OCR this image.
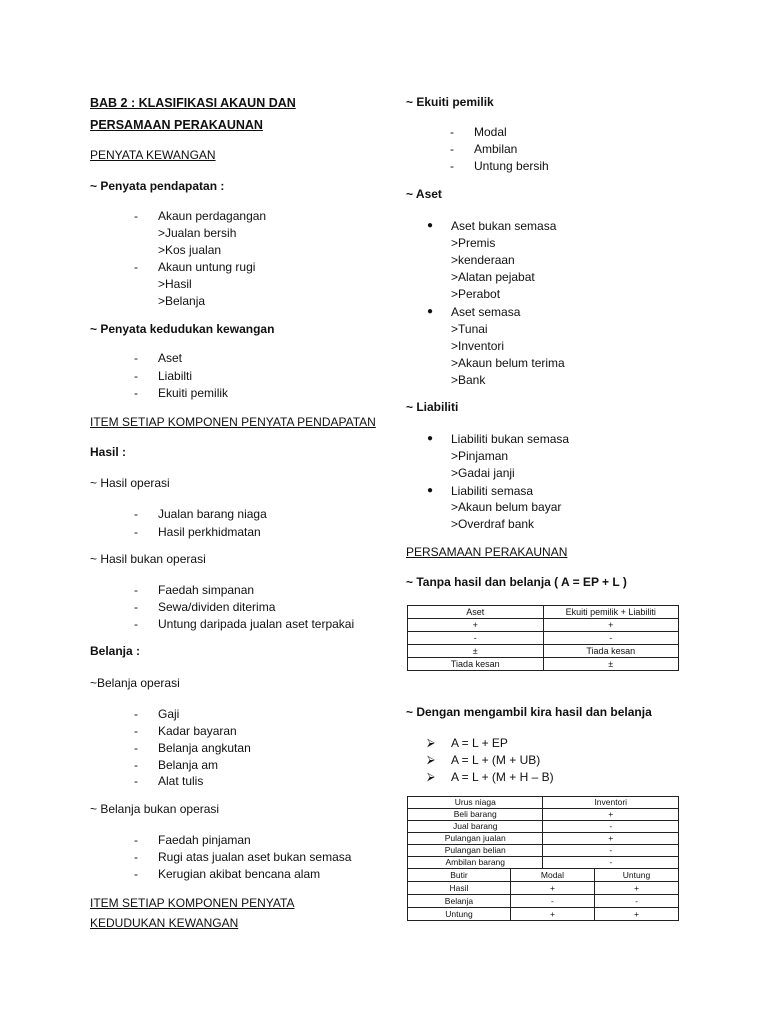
BAB 2 : KLASIFIKASI AKAUN DAN PERSAMAAN PERAKAUNAN
PENYATA KEWANGAN
~ Penyata pendapatan :
-	Akaun perdagangan
>Jualan bersih
>Kos jualan
-	Akaun untung rugi
>Hasil
>Belanja
~ Penyata kedudukan kewangan
-	Aset
-	Liabilti
-	Ekuiti pemilik
ITEM SETIAP KOMPONEN PENYATA PENDAPATAN
Hasil :
~ Hasil operasi
-	Jualan barang niaga
-	Hasil perkhidmatan
~ Hasil bukan operasi
-	Faedah simpanan
-	Sewa/dividen diterima
-	Untung daripada jualan aset terpakai
Belanja :
~Belanja operasi
-	Gaji
-	Kadar bayaran
-	Belanja angkutan
-	Belanja am
-	Alat tulis
~ Belanja bukan operasi
-	Faedah pinjaman
-	Rugi atas jualan aset bukan semasa
-	Kerugian akibat bencana alam
ITEM SETIAP KOMPONEN PENYATA KEDUDUKAN KEWANGAN
~ Ekuiti pemilik
-	Modal
-	Ambilan
-	Untung bersih
~ Aset
● Aset bukan semasa
>Premis
>kenderaan
>Alatan pejabat
>Perabot
● Aset semasa
>Tunai
>Inventori
>Akaun belum terima
>Bank
~ Liabiliti
● Liabiliti bukan semasa
>Pinjaman
>Gadai janji
● Liabiliti semasa
>Akaun belum bayar
>Overdraf bank
PERSAMAAN PERAKAUNAN
~ Tanpa hasil dan belanja ( A = EP + L )
Aset	Ekuiti pemilik + Liabiliti
+	+
-	-
±	Tiada kesan
Tiada kesan	±
~ Dengan mengambil kira hasil dan belanja
⮚ A = L + EP
⮚ A = L + (M + UB)
⮚ A = L + (M + H – B)
Urus niaga		Inventori	
Beli barang		+	
Jual barang		-	
Pulangan jualan		+	
Pulangan belian		-	
Ambilan barang		-	
Butir	Modal		Untung
Hasil	+		+
Belanja	-		-
Untung	+		+
